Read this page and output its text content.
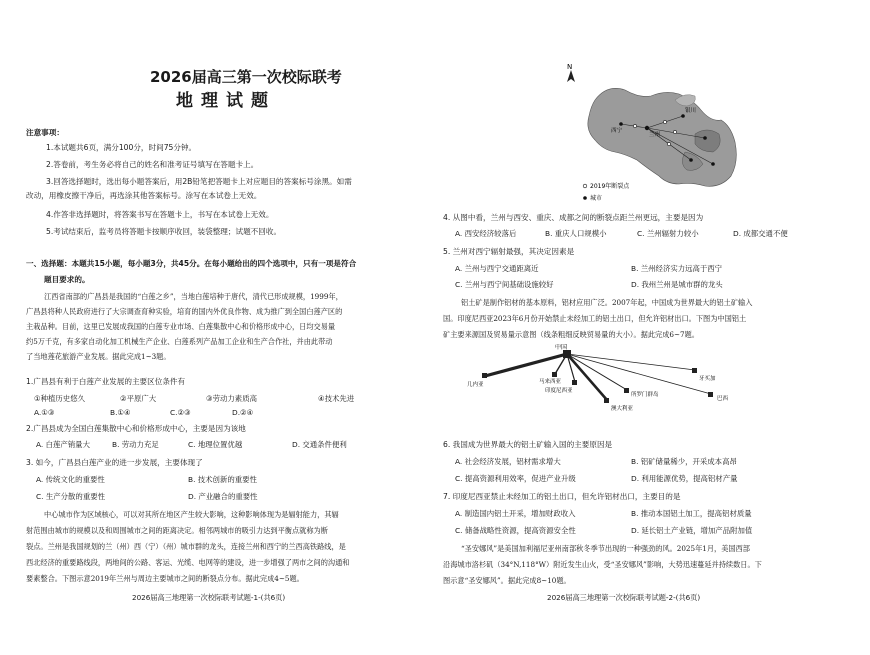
2026届高三第一次校际联考
地理试题
注意事项：
1.本试题共6页，满分100分，时间75分钟。
2.答卷前，考生务必将自己的姓名和准考证号填写在答题卡上。
3.回答选择题时，选出每小题答案后，用2B铅笔把答题卡上对应题目的答案标号涂黑。如需
改动，用橡皮擦干净后，再选涂其他答案标号。涂写在本试卷上无效。
4.作答非选择题时，将答案书写在答题卡上，书写在本试卷上无效。
5.考试结束后，监考员将答题卡按顺序收回，装袋整理；试题不回收。
一、选择题：本题共15小题，每小题3分，共45分。在每小题给出的四个选项中，只有一项是符合
题目要求的。
江西省南部的广昌县是我国的“白莲之乡”，当地白莲培种于唐代，清代已形成规模，1999年，
广昌县将种人民政府进行了大宗调查育种实验，培育的国内外优良作物、成为推广到全国白莲产区的
主栽品种。目前，这里已发展成我国的白莲专业市场、白莲集散中心和价格形成中心，日均交易量
约5万千克，有多家自动化加工机械生产企业、白莲系列产品加工企业和生产合作社，并由此带动
了当地莲花旅游产业发展。据此完成1~3题。
1.广昌县有利于白莲产业发展的主要区位条件有
①种植历史悠久	②平原广大	③劳动力素质高	④技术先进
A.①③	B.①④	C.②③	D.②④
2.广昌县成为全国白莲集散中心和价格形成中心，主要是因为该地
A. 白莲产销量大	B. 劳动力充足	C. 地理位置优越	D. 交通条件便利
3. 如今，广昌县白莲产业的进一步发展，主要体现了
A. 传统文化的重要性	B. 技术创新的重要性
C. 生产分散的重要性	D. 产业融合的重要性
中心城市作为区域核心，可以对其所在地区产生较大影响，这种影响体现为是辐射能力，其辐
射范围由城市的规模以及和周围城市之间的距离决定。相邻两城市的吸引力达到平衡点就称为断
裂点。兰州是我国规划的兰（州）西（宁）（州）城市群的龙头，连接兰州和西宁的兰西高铁路线，是
西北经济的重要路线段，两地间的公路、客运、光缆、电网等的建设，进一步增强了两市之间的沟通和
要素整合。下图示意2019年兰州与周边主要城市之间的断裂点分布。据此完成4~5题。
2026届高三地理第一次校际联考试题-1-(共6页)
N
兰州
西宁
银川
2019年断裂点
城市
4. 从图中看，兰州与西安、重庆、成都之间的断裂点距兰州更远，主要是因为
A. 西安经济较落后	B. 重庆人口规模小	C. 兰州辐射力较小	D. 成都交通不便
5. 兰州对西宁辐射最强，其决定因素是
A. 兰州与西宁交通距离近	B. 兰州经济实力远高于西宁
C. 兰州与西宁间基础设施较好	D. 我州兰州是城市群的龙头
铝土矿是制作铝材的基本原料，铝材应用广泛。2007年起，中国成为世界最大的铝土矿输入
国。印度尼西亚2023年6月份开始禁止未经加工的铝土出口，但允许铝材出口。下图为中国铝土
矿主要来源国及贸易量示意图（线条粗细反映贸易量的大小）。据此完成6~7题。
中国
几内亚	马来西亚
印度尼西亚
所罗门群岛
澳大利亚
牙买加
巴西
6. 我国成为世界最大的铝土矿输入国的主要原因是
A. 社会经济发展，铝材需求增大	B. 铝矿储量稀少，开采成本高昂
C. 提高资源利用效率，促进产业升级	D. 利用能源优势，提高铝材产量
7. 印度尼西亚禁止未经加工的铝土出口，但允许铝材出口，主要目的是
A. 制造国内铝土开采，增加财政收入	B. 推动本国铝土加工，提高铝材质量
C. 储备战略性资源，提高资源安全性	D. 延长铝土产业链，增加产品附加值
“圣安娜风”是美国加利福尼亚州南部秋冬季节出现的一种强劲的风。2025年1月，美国西部
沿海城市洛杉矶（34°N,118°W）附近发生山火，受“圣安娜风”影响，大势迅速蔓延并持续数日。下
图示意“圣安娜风”。据此完成8~10题。
2026届高三地理第一次校际联考试题-2-(共6页)
